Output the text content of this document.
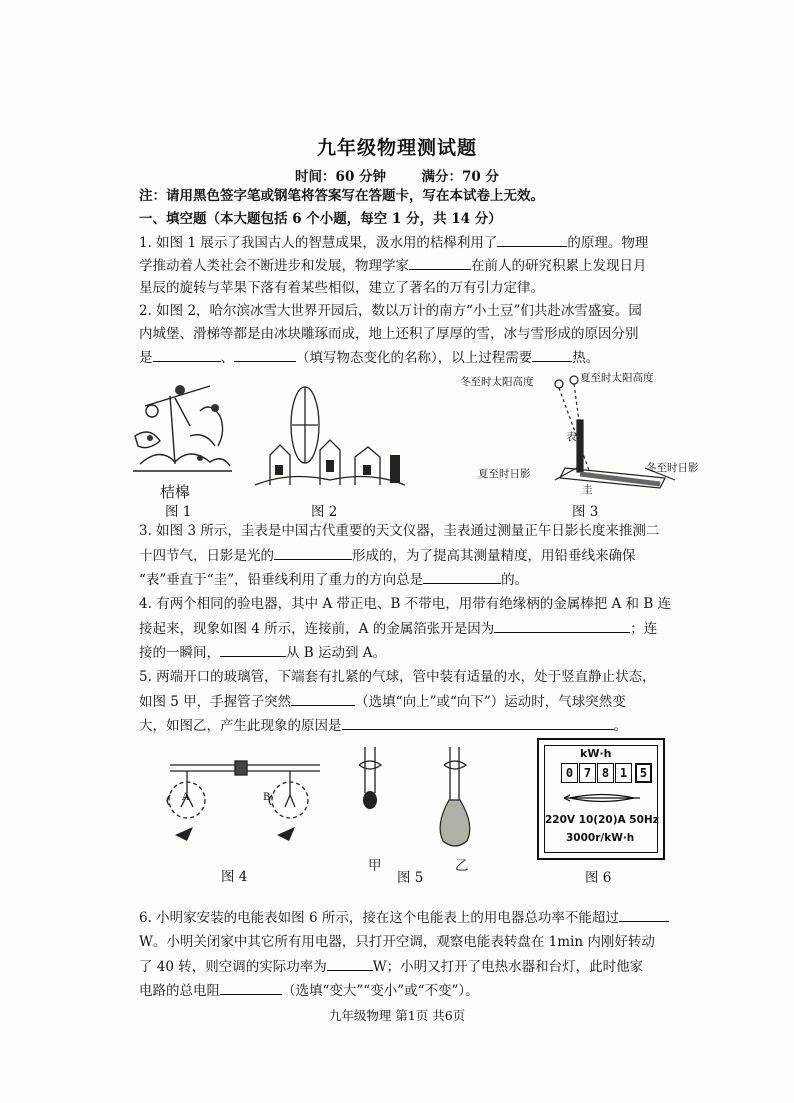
九年级物理测试题
时间：60 分钟	满分：70 分
注：请用黑色签字笔或钢笔将答案写在答题卡，写在本试卷上无效。
一、填空题（本大题包括 6 个小题，每空 1 分，共 14 分）
1. 如图 1 展示了我国古人的智慧成果，汲水用的桔槔利用了	的原理。物理
学推动着人类社会不断进步和发展，物理学家	在前人的研究积累上发现日月
星辰的旋转与苹果下落有着某些相似，建立了著名的万有引力定律。
2. 如图 2，哈尔滨冰雪大世界开园后，数以万计的南方“小土豆”们共赴冰雪盛宴。园
内城堡、滑梯等都是由冰块雕琢而成，地上还积了厚厚的雪，冰与雪形成的原因分别
是	、	（填写物态变化的名称），以上过程需要	热。
桔槔
图 1	图 2
冬至时太阳高度	夏至时太阳高度
表
夏至时日影	冬至时日影
圭
图 3
3. 如图 3 所示，圭表是中国古代重要的天文仪器，圭表通过测量正午日影长度来推测二
十四节气，日影是光的	形成的，为了提高其测量精度，用铅垂线来确保
“表”垂直于“圭”，铅垂线利用了重力的方向总是	的。
4. 有两个相同的验电器，其中 A 带正电、B 不带电，用带有绝缘柄的金属棒把 A 和 B 连
接起来，现象如图 4 所示，连接前，A 的金属箔张开是因为	；连
接的一瞬间，	从 B 运动到 A。
5. 两端开口的玻璃管，下端套有扎紧的气球，管中装有适量的水，处于竖直静止状态，
如图 5 甲，手握管子突然	（选填“向上”或“向下”）运动时，气球突然变
大，如图乙，产生此现象的原因是	。
A	B
图 4
甲	乙
图 5
kW·h
0 7 8 1	5
220V 10(20)A 50Hz
3000r/kW·h
图 6
6. 小明家安装的电能表如图 6 所示，接在这个电能表上的用电器总功率不能超过
W。小明关闭家中其它所有用电器，只打开空调，观察电能表转盘在 1min 内刚好转动
了 40 转，则空调的实际功率为	W；小明又打开了电热水器和台灯，此时他家
电路的总电阻	（选填“变大”“变小”或“不变”）。
九年级物理 第1页 共6页
